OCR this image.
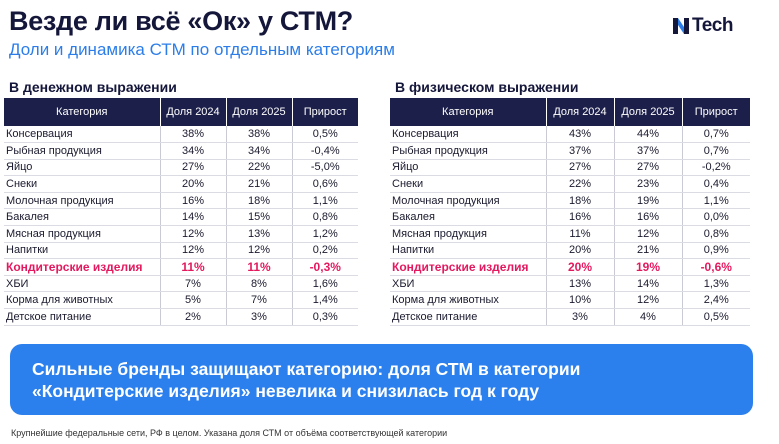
Везде ли всё «Ок» у СТМ?
Доли и динамика СТМ по отдельным категориям
Tech
В денежном выражении
Категория	Доля 2024	Доля 2025	Прирост
Консервация	38%	38%	0,5%
Рыбная продукция	34%	34%	-0,4%
Яйцо	27%	22%	-5,0%
Снеки	20%	21%	0,6%
Молочная продукция	16%	18%	1,1%
Бакалея	14%	15%	0,8%
Мясная продукция	12%	13%	1,2%
Напитки	12%	12%	0,2%
Кондитерские изделия	11%	11%	-0,3%
ХБИ	7%	8%	1,6%
Корма для животных	5%	7%	1,4%
Детское питание	2%	3%	0,3%
В физическом выражении
Категория	Доля 2024	Доля 2025	Прирост
Консервация	43%	44%	0,7%
Рыбная продукция	37%	37%	0,7%
Яйцо	27%	27%	-0,2%
Снеки	22%	23%	0,4%
Молочная продукция	18%	19%	1,1%
Бакалея	16%	16%	0,0%
Мясная продукция	11%	12%	0,8%
Напитки	20%	21%	0,9%
Кондитерские изделия	20%	19%	-0,6%
ХБИ	13%	14%	1,3%
Корма для животных	10%	12%	2,4%
Детское питание	3%	4%	0,5%

Сильные бренды защищают категорию: доля СТМ в категории

«Кондитерские изделия» невелика и снизилась год к году

Крупнейшие федеральные сети, РФ в целом. Указана доля СТМ от объёма соответствующей категории
